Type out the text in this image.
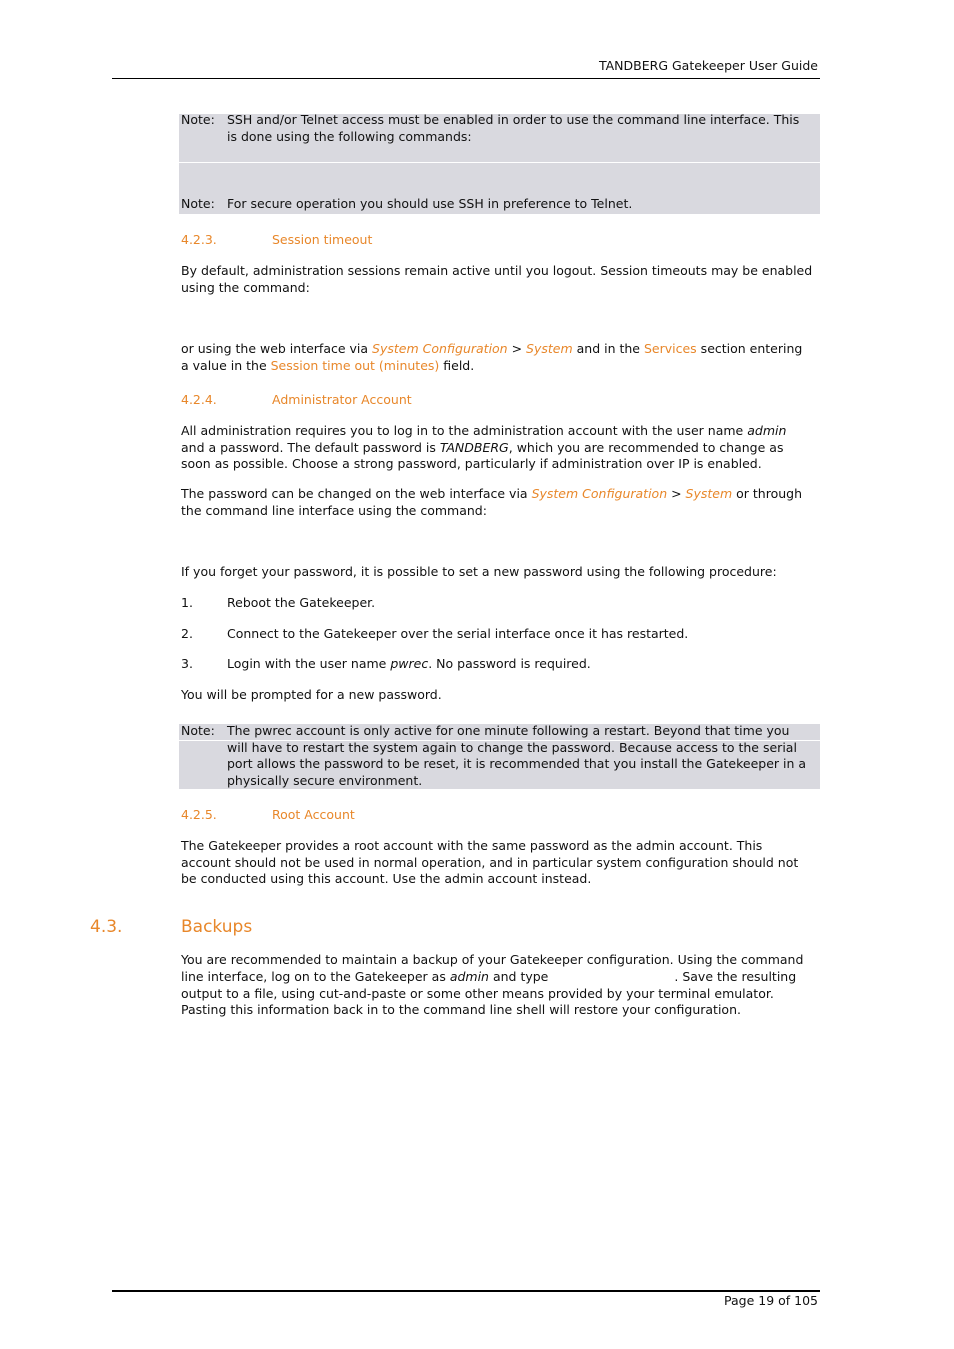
TANDBERG Gatekeeper User Guide
Note: SSH and/or Telnet access must be enabled in order to use the command line interface. This is done using the following commands:
Note: For secure operation you should use SSH in preference to Telnet.
4.2.3.	Session timeout
By default, administration sessions remain active until you logout. Session timeouts may be enabled using the command:
or using the web interface via System Configuration > System and in the Services section entering a value in the Session time out (minutes) field.
4.2.4.	Administrator Account
All administration requires you to log in to the administration account with the user name admin and a password. The default password is TANDBERG, which you are recommended to change as soon as possible. Choose a strong password, particularly if administration over IP is enabled.
The password can be changed on the web interface via System Configuration > System or through the command line interface using the command:
If you forget your password, it is possible to set a new password using the following procedure:
1.	Reboot the Gatekeeper.
2.	Connect to the Gatekeeper over the serial interface once it has restarted.
3.	Login with the user name pwrec. No password is required.
You will be prompted for a new password.
Note: The pwrec account is only active for one minute following a restart. Beyond that time you will have to restart the system again to change the password. Because access to the serial port allows the password to be reset, it is recommended that you install the Gatekeeper in a physically secure environment.
4.2.5.	Root Account
The Gatekeeper provides a root account with the same password as the admin account. This account should not be used in normal operation, and in particular system configuration should not be conducted using this account. Use the admin account instead.
4.3.	Backups
You are recommended to maintain a backup of your Gatekeeper configuration. Using the command line interface, log on to the Gatekeeper as admin and type	. Save the resulting output to a file, using cut-and-paste or some other means provided by your terminal emulator. Pasting this information back in to the command line shell will restore your configuration.
Page 19 of 105
